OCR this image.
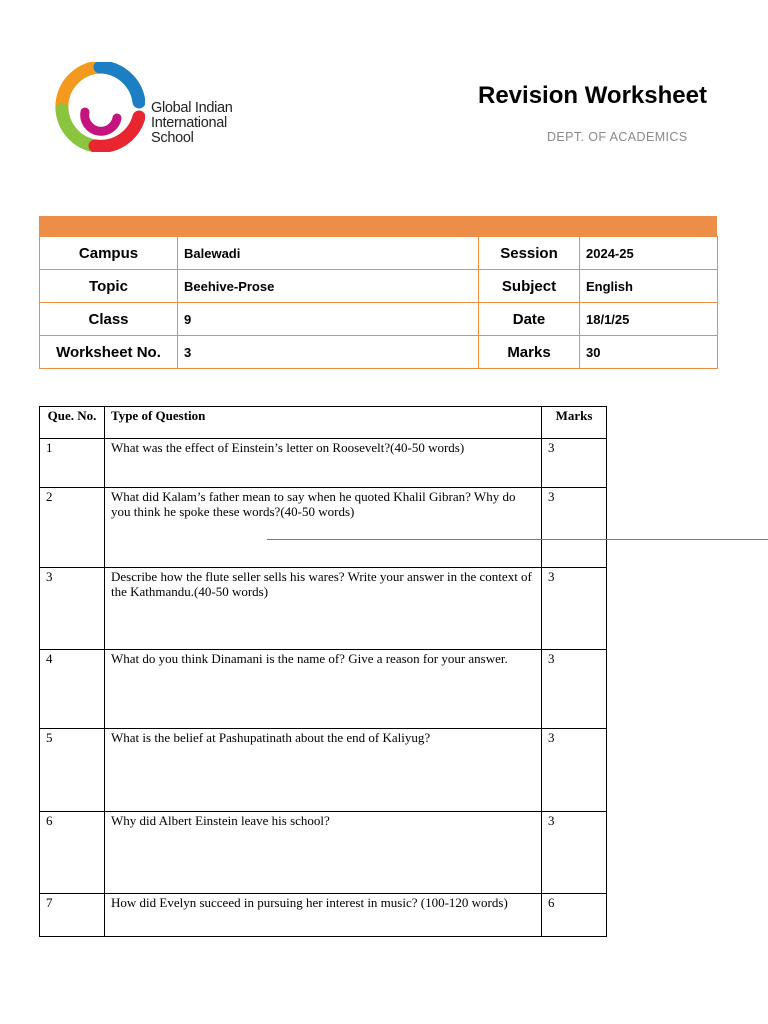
Global Indian
International
School
Revision Worksheet
DEPT. OF ACADEMICS
Campus	Balewadi	Session	2024-25
Topic	Beehive-Prose	Subject	English
Class	9	Date	18/1/25
Worksheet No.	3	Marks	30
Que. No.	Type of Question	Marks
1	What was the effect of Einstein’s letter on Roosevelt?(40-50 words)	3
2	What did Kalam’s father mean to say when he quoted Khalil Gibran? Why do you think he spoke these words?(40-50 words)	3
3	Describe how the flute seller sells his wares? Write your answer in the context of the Kathmandu.(40-50 words)	3
4	What do you think Dinamani is the name of? Give a reason for your answer.	3
5	What is the belief at Pashupatinath about the end of Kaliyug?	3
6	Why did Albert Einstein leave his school?	3
7	How did Evelyn succeed in pursuing her interest in music? (100-120 words)	6
